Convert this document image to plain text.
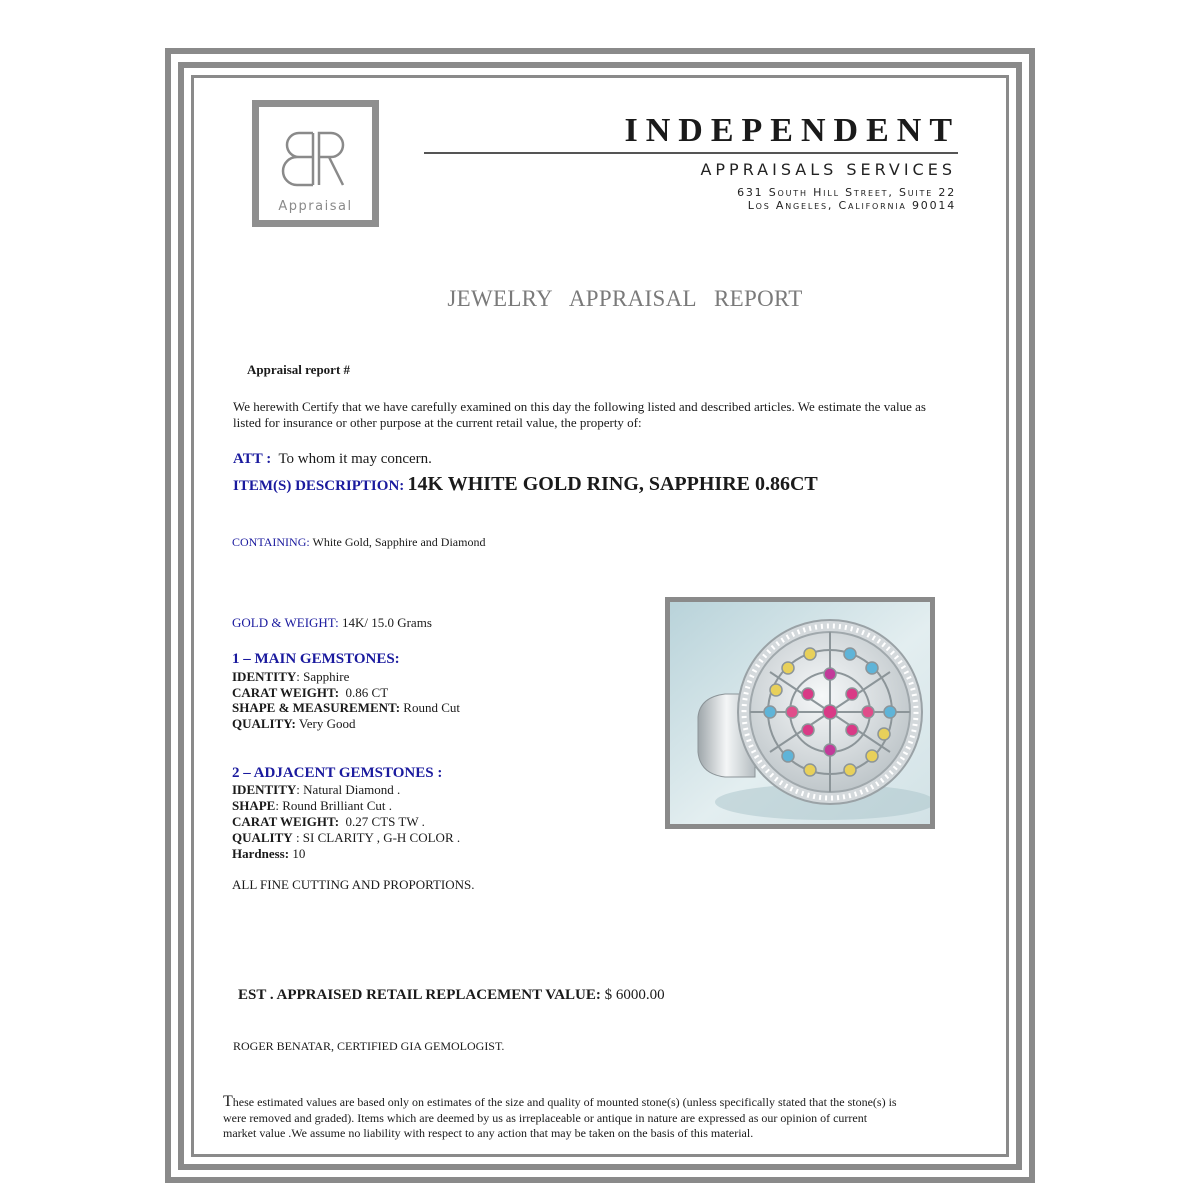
Appraisal
INDEPENDENT
APPRAISALS SERVICES
631 South Hill Street, Suite 22
Los Angeles, California 90014
JEWELRY APPRAISAL REPORT
Appraisal report #
We herewith Certify that we have carefully examined on this day the following listed and described articles. We estimate the value as
listed for insurance or other purpose at the current retail value, the property of:
ATT : To whom it may concern.
ITEM(S) DESCRIPTION: 14K WHITE GOLD RING, SAPPHIRE 0.86CT
CONTAINING: White Gold, Sapphire and Diamond
GOLD & WEIGHT: 14K/ 15.0 Grams
1 – MAIN GEMSTONES:
IDENTITY: Sapphire
CARAT WEIGHT: 0.86 CT
SHAPE & MEASUREMENT: Round Cut
QUALITY: Very Good
2 – ADJACENT GEMSTONES :
IDENTITY: Natural Diamond .
SHAPE: Round Brilliant Cut .
CARAT WEIGHT: 0.27 CTS TW .
QUALITY : SI CLARITY , G-H COLOR .
Hardness: 10
ALL FINE CUTTING AND PROPORTIONS.
EST . APPRAISED RETAIL REPLACEMENT VALUE: $ 6000.00
ROGER BENATAR, CERTIFIED GIA GEMOLOGIST.
These estimated values are based only on estimates of the size and quality of mounted stone(s) (unless specifically stated that the stone(s) is
were removed and graded). Items which are deemed by us as irreplaceable or antique in nature are expressed as our opinion of current
market value .We assume no liability with respect to any action that may be taken on the basis of this material.
